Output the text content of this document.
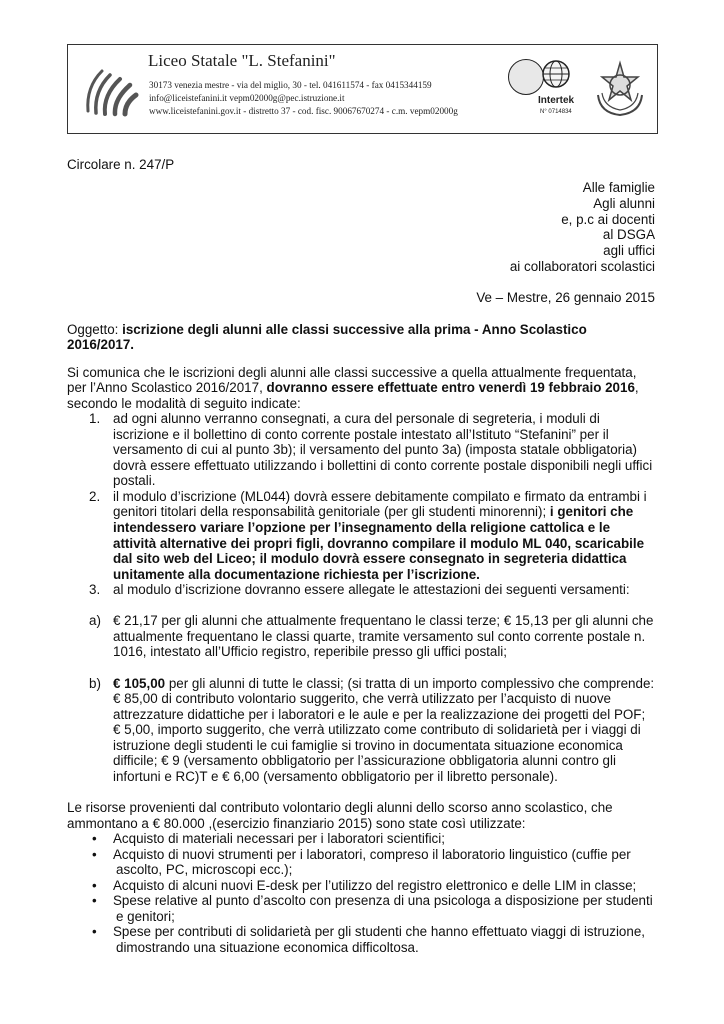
Liceo Statale "L. Stefanini"
30173 venezia mestre - via del miglio, 30 - tel. 041611574 - fax 0415344159
info@liceistefanini.it vepm02000g@pec.istruzione.it
www.liceistefanini.gov.it - distretto 37 - cod. fisc. 90067670274 - c.m. vepm02000g
Intertek
N° 0714834
Circolare n. 247/P
Alle famiglie
Agli alunni
e, p.c ai docenti
al DSGA
agli uffici
ai collaboratori scolastici
Ve – Mestre, 26 gennaio 2015
Oggetto: iscrizione degli alunni alle classi successive alla prima - Anno Scolastico
2016/2017.
Si comunica che le iscrizioni degli alunni alle classi successive a quella attualmente frequentata,
per l’Anno Scolastico 2016/2017, dovranno essere effettuate entro venerdì 19 febbraio 2016,
secondo le modalità di seguito indicate:
1. ad ogni alunno verranno consegnati, a cura del personale di segreteria, i moduli di
iscrizione e il bollettino di conto corrente postale intestato all’Istituto “Stefanini” per il
versamento di cui al punto 3b); il versamento del punto 3a) (imposta statale obbligatoria)
dovrà essere effettuato utilizzando i bollettini di conto corrente postale disponibili negli uffici
postali.
2. il modulo d’iscrizione (ML044) dovrà essere debitamente compilato e firmato da entrambi i
genitori titolari della responsabilità genitoriale (per gli studenti minorenni); i genitori che
intendessero variare l’opzione per l’insegnamento della religione cattolica e le
attività alternative dei propri figli, dovranno compilare il modulo ML 040, scaricabile
dal sito web del Liceo; il modulo dovrà essere consegnato in segreteria didattica
unitamente alla documentazione richiesta per l’iscrizione.
3. al modulo d’iscrizione dovranno essere allegate le attestazioni dei seguenti versamenti:
a) € 21,17 per gli alunni che attualmente frequentano le classi terze; € 15,13 per gli alunni che
attualmente frequentano le classi quarte, tramite versamento sul conto corrente postale n.
1016, intestato all’Ufficio registro, reperibile presso gli uffici postali;
b) € 105,00 per gli alunni di tutte le classi; (si tratta di un importo complessivo che comprende:
€ 85,00 di contributo volontario suggerito, che verrà utilizzato per l’acquisto di nuove
attrezzature didattiche per i laboratori e le aule e per la realizzazione dei progetti del POF;
€ 5,00, importo suggerito, che verrà utilizzato come contributo di solidarietà per i viaggi di
istruzione degli studenti le cui famiglie si trovino in documentata situazione economica
difficile; € 9 (versamento obbligatorio per l’assicurazione obbligatoria alunni contro gli
infortuni e RC)T e € 6,00 (versamento obbligatorio per il libretto personale).
Le risorse provenienti dal contributo volontario degli alunni dello scorso anno scolastico, che
ammontano a € 80.000 ,(esercizio finanziario 2015) sono state così utilizzate:
• Acquisto di materiali necessari per i laboratori scientifici;
• Acquisto di nuovi strumenti per i laboratori, compreso il laboratorio linguistico (cuffie per
ascolto, PC, microscopi ecc.);
• Acquisto di alcuni nuovi E-desk per l’utilizzo del registro elettronico e delle LIM in classe;
• Spese relative al punto d’ascolto con presenza di una psicologa a disposizione per studenti
e genitori;
• Spese per contributi di solidarietà per gli studenti che hanno effettuato viaggi di istruzione,
dimostrando una situazione economica difficoltosa.
